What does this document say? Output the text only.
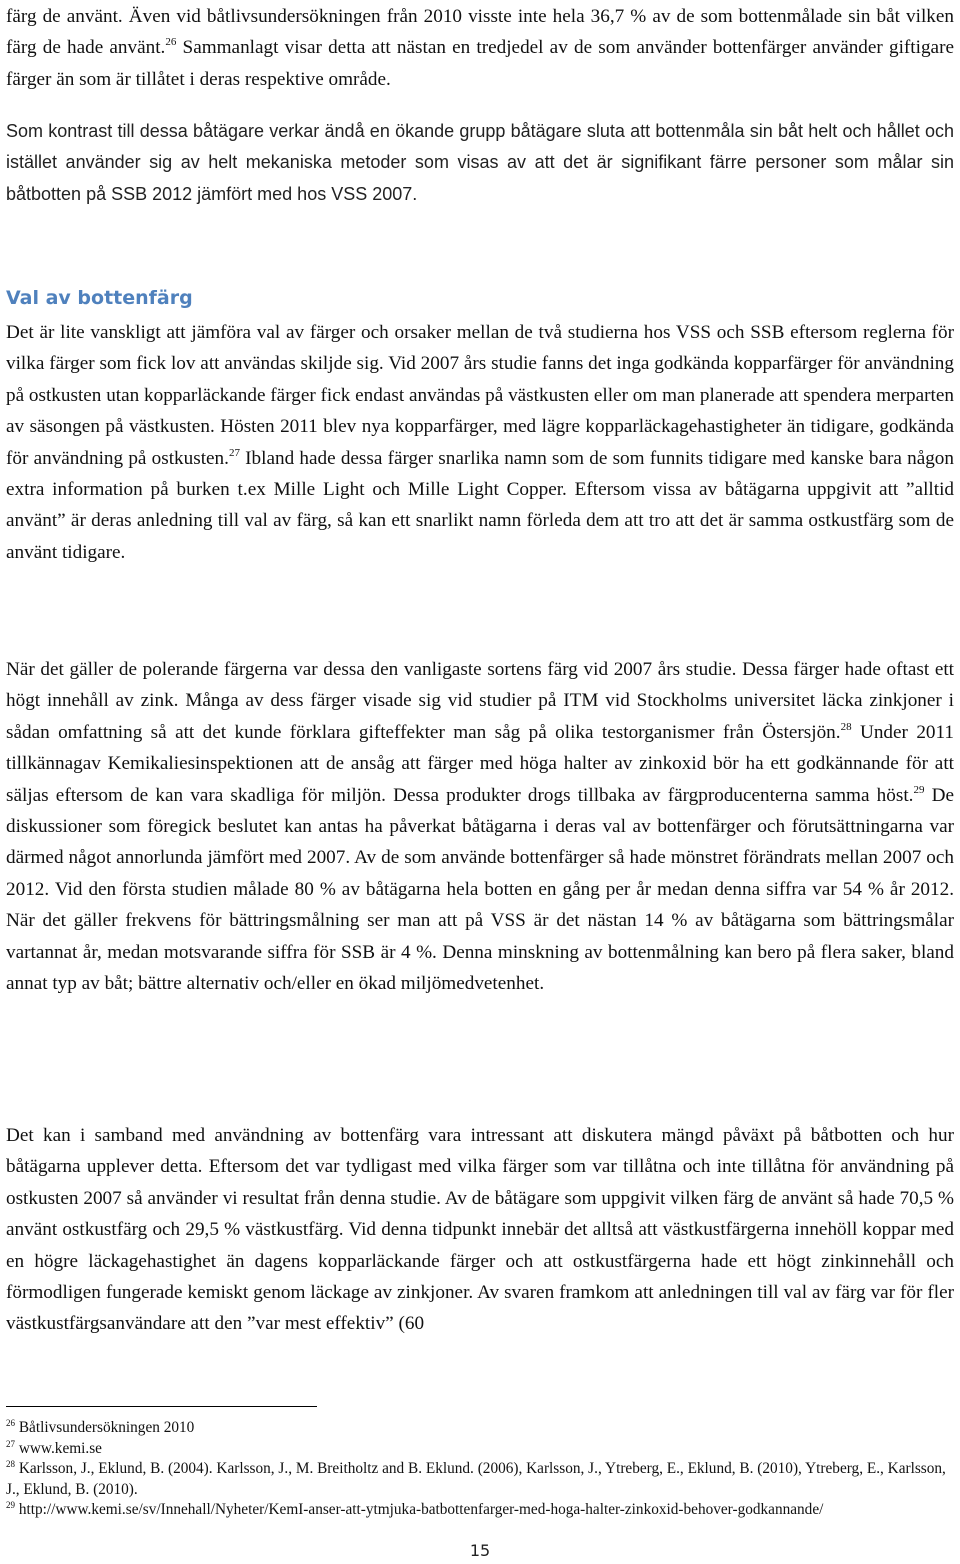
färg de använt. Även vid båtlivsundersökningen från 2010 visste inte hela 36,7 % av de som bottenmålade sin båt vilken färg de hade använt.$^{26}$ Sammanlagt visar detta att nästan en tredjedel av de som använder bottenfärger använder giftigare färger än som är tillåtet i deras respektive område.

Som kontrast till dessa båtägare verkar ändå en ökande grupp båtägare sluta att bottenmåla sin båt helt och hållet och istället använder sig av helt mekaniska metoder som visas av att det är signifikant färre personer som målar sin båtbotten på SSB 2012 jämfört med hos VSS 2007.

Val av bottenfärg

Det är lite vanskligt att jämföra val av färger och orsaker mellan de två studierna hos VSS och SSB eftersom reglerna för vilka färger som fick lov att användas skiljde sig. Vid 2007 års studie fanns det inga godkända kopparfärger för användning på ostkusten utan kopparläckande färger fick endast användas på västkusten eller om man planerade att spendera merparten av säsongen på västkusten. Hösten 2011 blev nya kopparfärger, med lägre kopparläckagehastigheter än tidigare, godkända för användning på ostkusten.$^{27}$ Ibland hade dessa färger snarlika namn som de som funnits tidigare med kanske bara någon extra information på burken t.ex Mille Light och Mille Light Copper. Eftersom vissa av båtägarna uppgivit att ”alltid använt” är deras anledning till val av färg, så kan ett snarlikt namn förleda dem att tro att det är samma ostkustfärg som de använt tidigare.

När det gäller de polerande färgerna var dessa den vanligaste sortens färg vid 2007 års studie. Dessa färger hade oftast ett högt innehåll av zink. Många av dess färger visade sig vid studier på ITM vid Stockholms universitet läcka zinkjoner i sådan omfattning så att det kunde förklara gifteffekter man såg på olika testorganismer från Östersjön.$^{28}$ Under 2011 tillkännagav Kemikaliesinspektionen att de ansåg att färger med höga halter av zinkoxid bör ha ett godkännande för att säljas eftersom de kan vara skadliga för miljön. Dessa produkter drogs tillbaka av färgproducenterna samma höst.$^{29}$ De diskussioner som föregick beslutet kan antas ha påverkat båtägarna i deras val av bottenfärger och förutsättningarna var därmed något annorlunda jämfört med 2007. Av de som använde bottenfärger så hade mönstret förändrats mellan 2007 och 2012. Vid den första studien målade 80 % av båtägarna hela botten en gång per år medan denna siffra var 54 % år 2012. När det gäller frekvens för bättringsmålning ser man att på VSS är det nästan 14 % av båtägarna som bättringsmålar vartannat år, medan motsvarande siffra för SSB är 4 %. Denna minskning av bottenmålning kan bero på flera saker, bland annat typ av båt; bättre alternativ och/eller en ökad miljömedvetenhet.

Det kan i samband med användning av bottenfärg vara intressant att diskutera mängd påväxt på båtbotten och hur båtägarna upplever detta. Eftersom det var tydligast med vilka färger som var tillåtna och inte tillåtna för användning på ostkusten 2007 så använder vi resultat från denna studie. Av de båtägare som uppgivit vilken färg de använt så hade 70,5 % använt ostkustfärg och 29,5 % västkustfärg. Vid denna tidpunkt innebär det alltså att västkustfärgerna innehöll koppar med en högre läckagehastighet än dagens kopparläckande färger och att ostkustfärgerna hade ett högt zinkinnehåll och förmodligen fungerade kemiskt genom läckage av zinkjoner. Av svaren framkom att anledningen till val av färg var för fler västkustfärgsanvändare att den ”var mest effektiv” (60

$^{26}$ Båtlivsundersökningen 2010

$^{27}$ www.kemi.se

$^{28}$ Karlsson, J., Eklund, B. (2004). Karlsson, J., M. Breitholtz and B. Eklund. (2006), Karlsson, J., Ytreberg, E., Eklund, B. (2010), Ytreberg, E., Karlsson, J., Eklund, B. (2010).

$^{29}$ http://www.kemi.se/sv/Innehall/Nyheter/KemI-anser-att-ytmjuka-batbottenfarger-med-hoga-halter-zinkoxid-behover-godkannande/

15
